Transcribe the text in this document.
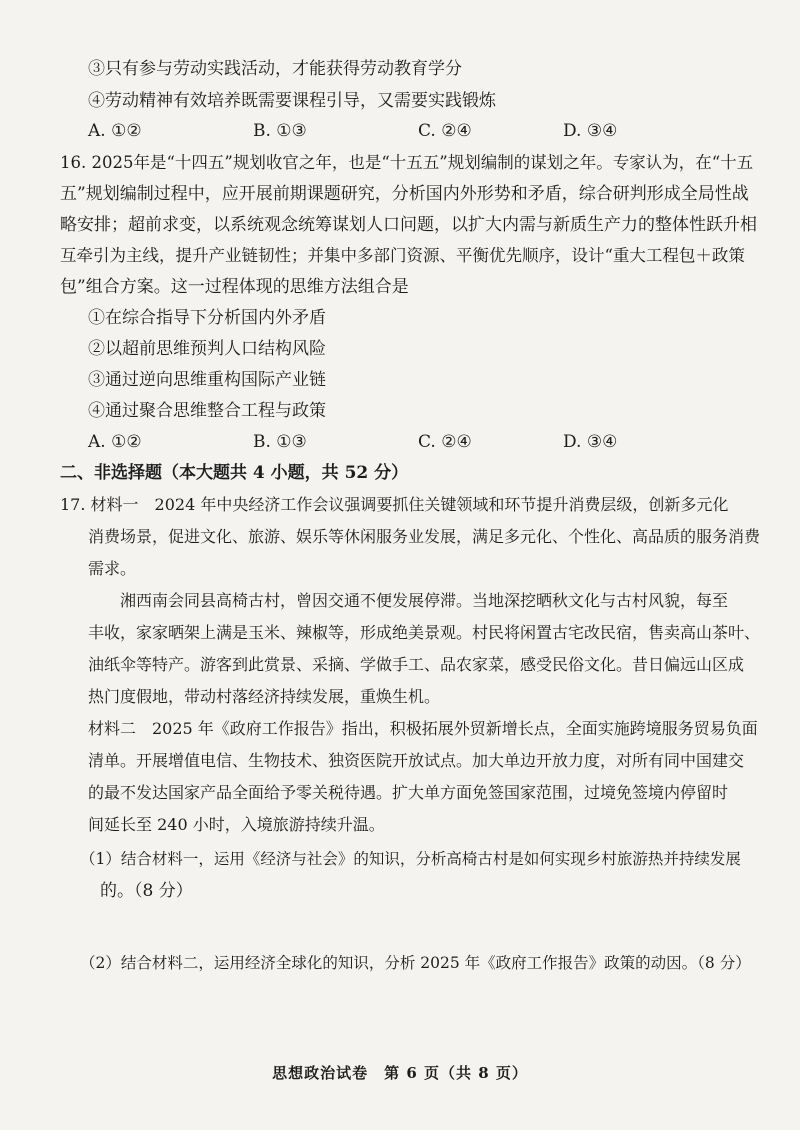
③只有参与劳动实践活动，才能获得劳动教育学分
④劳动精神有效培养既需要课程引导，又需要实践锻炼
A. ①②	B. ①③	C. ②④	D. ③④
16. 2025年是“十四五”规划收官之年，也是“十五五”规划编制的谋划之年。专家认为，在“十五
五”规划编制过程中，应开展前期课题研究，分析国内外形势和矛盾，综合研判形成全局性战
略安排；超前求变，以系统观念统筹谋划人口问题，以扩大内需与新质生产力的整体性跃升相
互牵引为主线，提升产业链韧性；并集中多部门资源、平衡优先顺序，设计“重大工程包＋政策
包”组合方案。这一过程体现的思维方法组合是
①在综合指导下分析国内外矛盾
②以超前思维预判人口结构风险
③通过逆向思维重构国际产业链
④通过聚合思维整合工程与政策
A. ①②	B. ①③	C. ②④	D. ③④
二、非选择题（本大题共 4 小题，共 52 分）
17. 材料一　2024 年中央经济工作会议强调要抓住关键领域和环节提升消费层级，创新多元化
消费场景，促进文化、旅游、娱乐等休闲服务业发展，满足多元化、个性化、高品质的服务消费
需求。
湘西南会同县高椅古村，曾因交通不便发展停滞。当地深挖晒秋文化与古村风貌，每至
丰收，家家晒架上满是玉米、辣椒等，形成绝美景观。村民将闲置古宅改民宿，售卖高山茶叶、
油纸伞等特产。游客到此赏景、采摘、学做手工、品农家菜，感受民俗文化。昔日偏远山区成
热门度假地，带动村落经济持续发展，重焕生机。
材料二　2025 年《政府工作报告》指出，积极拓展外贸新增长点，全面实施跨境服务贸易负面
清单。开展增值电信、生物技术、独资医院开放试点。加大单边开放力度，对所有同中国建交
的最不发达国家产品全面给予零关税待遇。扩大单方面免签国家范围，过境免签境内停留时
间延长至 240 小时，入境旅游持续升温。
（1）结合材料一，运用《经济与社会》的知识，分析高椅古村是如何实现乡村旅游热并持续发展
的。（8 分）
（2）结合材料二，运用经济全球化的知识，分析 2025 年《政府工作报告》政策的动因。（8 分）
思想政治试卷　第 6 页（共 8 页）
